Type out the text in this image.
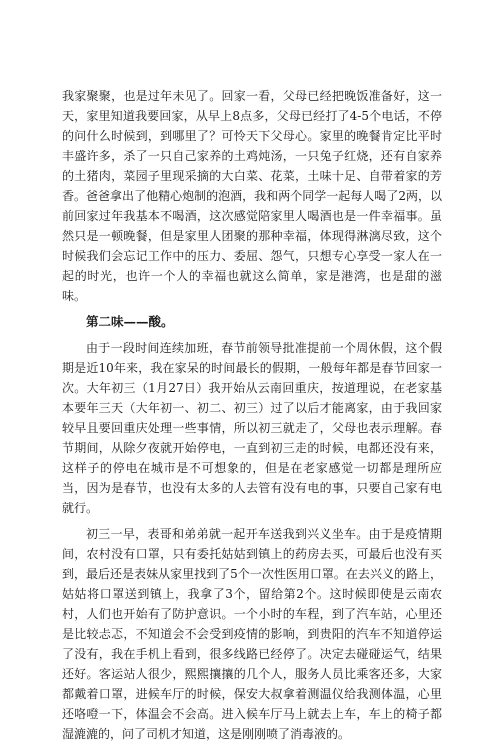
我家聚聚，也是过年未见了。回家一看，父母已经把晚饭准备好，这一天，家里知道我要回家，从早上8点多，父母已经打了4-5个电话，不停的问什么时候到，到哪里了？可怜天下父母心。家里的晚餐肯定比平时丰盛许多，杀了一只自己家养的土鸡炖汤，一只兔子红烧，还有自家养的土猪肉，菜园子里现采摘的大白菜、花菜，土味十足、自带着家的芳香。爸爸拿出了他精心炮制的泡酒，我和两个同学一起每人喝了2两，以前回家过年我基本不喝酒，这次感觉陪家里人喝酒也是一件幸福事。虽然只是一顿晚餐，但是家里人团聚的那种幸福，体现得淋漓尽致，这个时候我们会忘记工作中的压力、委屈、怨气，只想专心享受一家人在一起的时光，也许一个人的幸福也就这么简单，家是港湾，也是甜的滋味。

第二味——酸。

由于一段时间连续加班，春节前领导批准提前一个周休假，这个假期是近10年来，我在家呆的时间最长的假期，一般每年都是春节回家一次。大年初三（1月27日）我开始从云南回重庆，按道理说，在老家基本要年三天（大年初一、初二、初三）过了以后才能离家，由于我回家较早且要回重庆处理一些事情，所以初三就走了，父母也表示理解。春节期间，从除夕夜就开始停电，一直到初三走的时候，电都还没有来，这样子的停电在城市是不可想象的，但是在老家感觉一切都是理所应当，因为是春节，也没有太多的人去管有没有电的事，只要自己家有电就行。

初三一早，表哥和弟弟就一起开车送我到兴义坐车。由于是疫情期间，农村没有口罩，只有委托姑姑到镇上的药房去买，可最后也没有买到，最后还是表妹从家里找到了5个一次性医用口罩。在去兴义的路上，姑姑将口罩送到镇上，我拿了3个，留给第2个。这时候即使是云南农村，人们也开始有了防护意识。一个小时的车程，到了汽车站，心里还是比较忐忑，不知道会不会受到疫情的影响，到贵阳的汽车不知道停运了没有，我在手机上看到，很多线路已经停了。决定去碰碰运气，结果还好。客运站人很少，熙熙攘攘的几个人，服务人员比乘客还多，大家都戴着口罩，进候车厅的时候，保安大叔拿着测温仪给我测体温，心里还咯噔一下，体温会不会高。进入候车厅马上就去上车，车上的椅子都湿漉漉的，问了司机才知道，这是刚刚喷了消毒液的。
